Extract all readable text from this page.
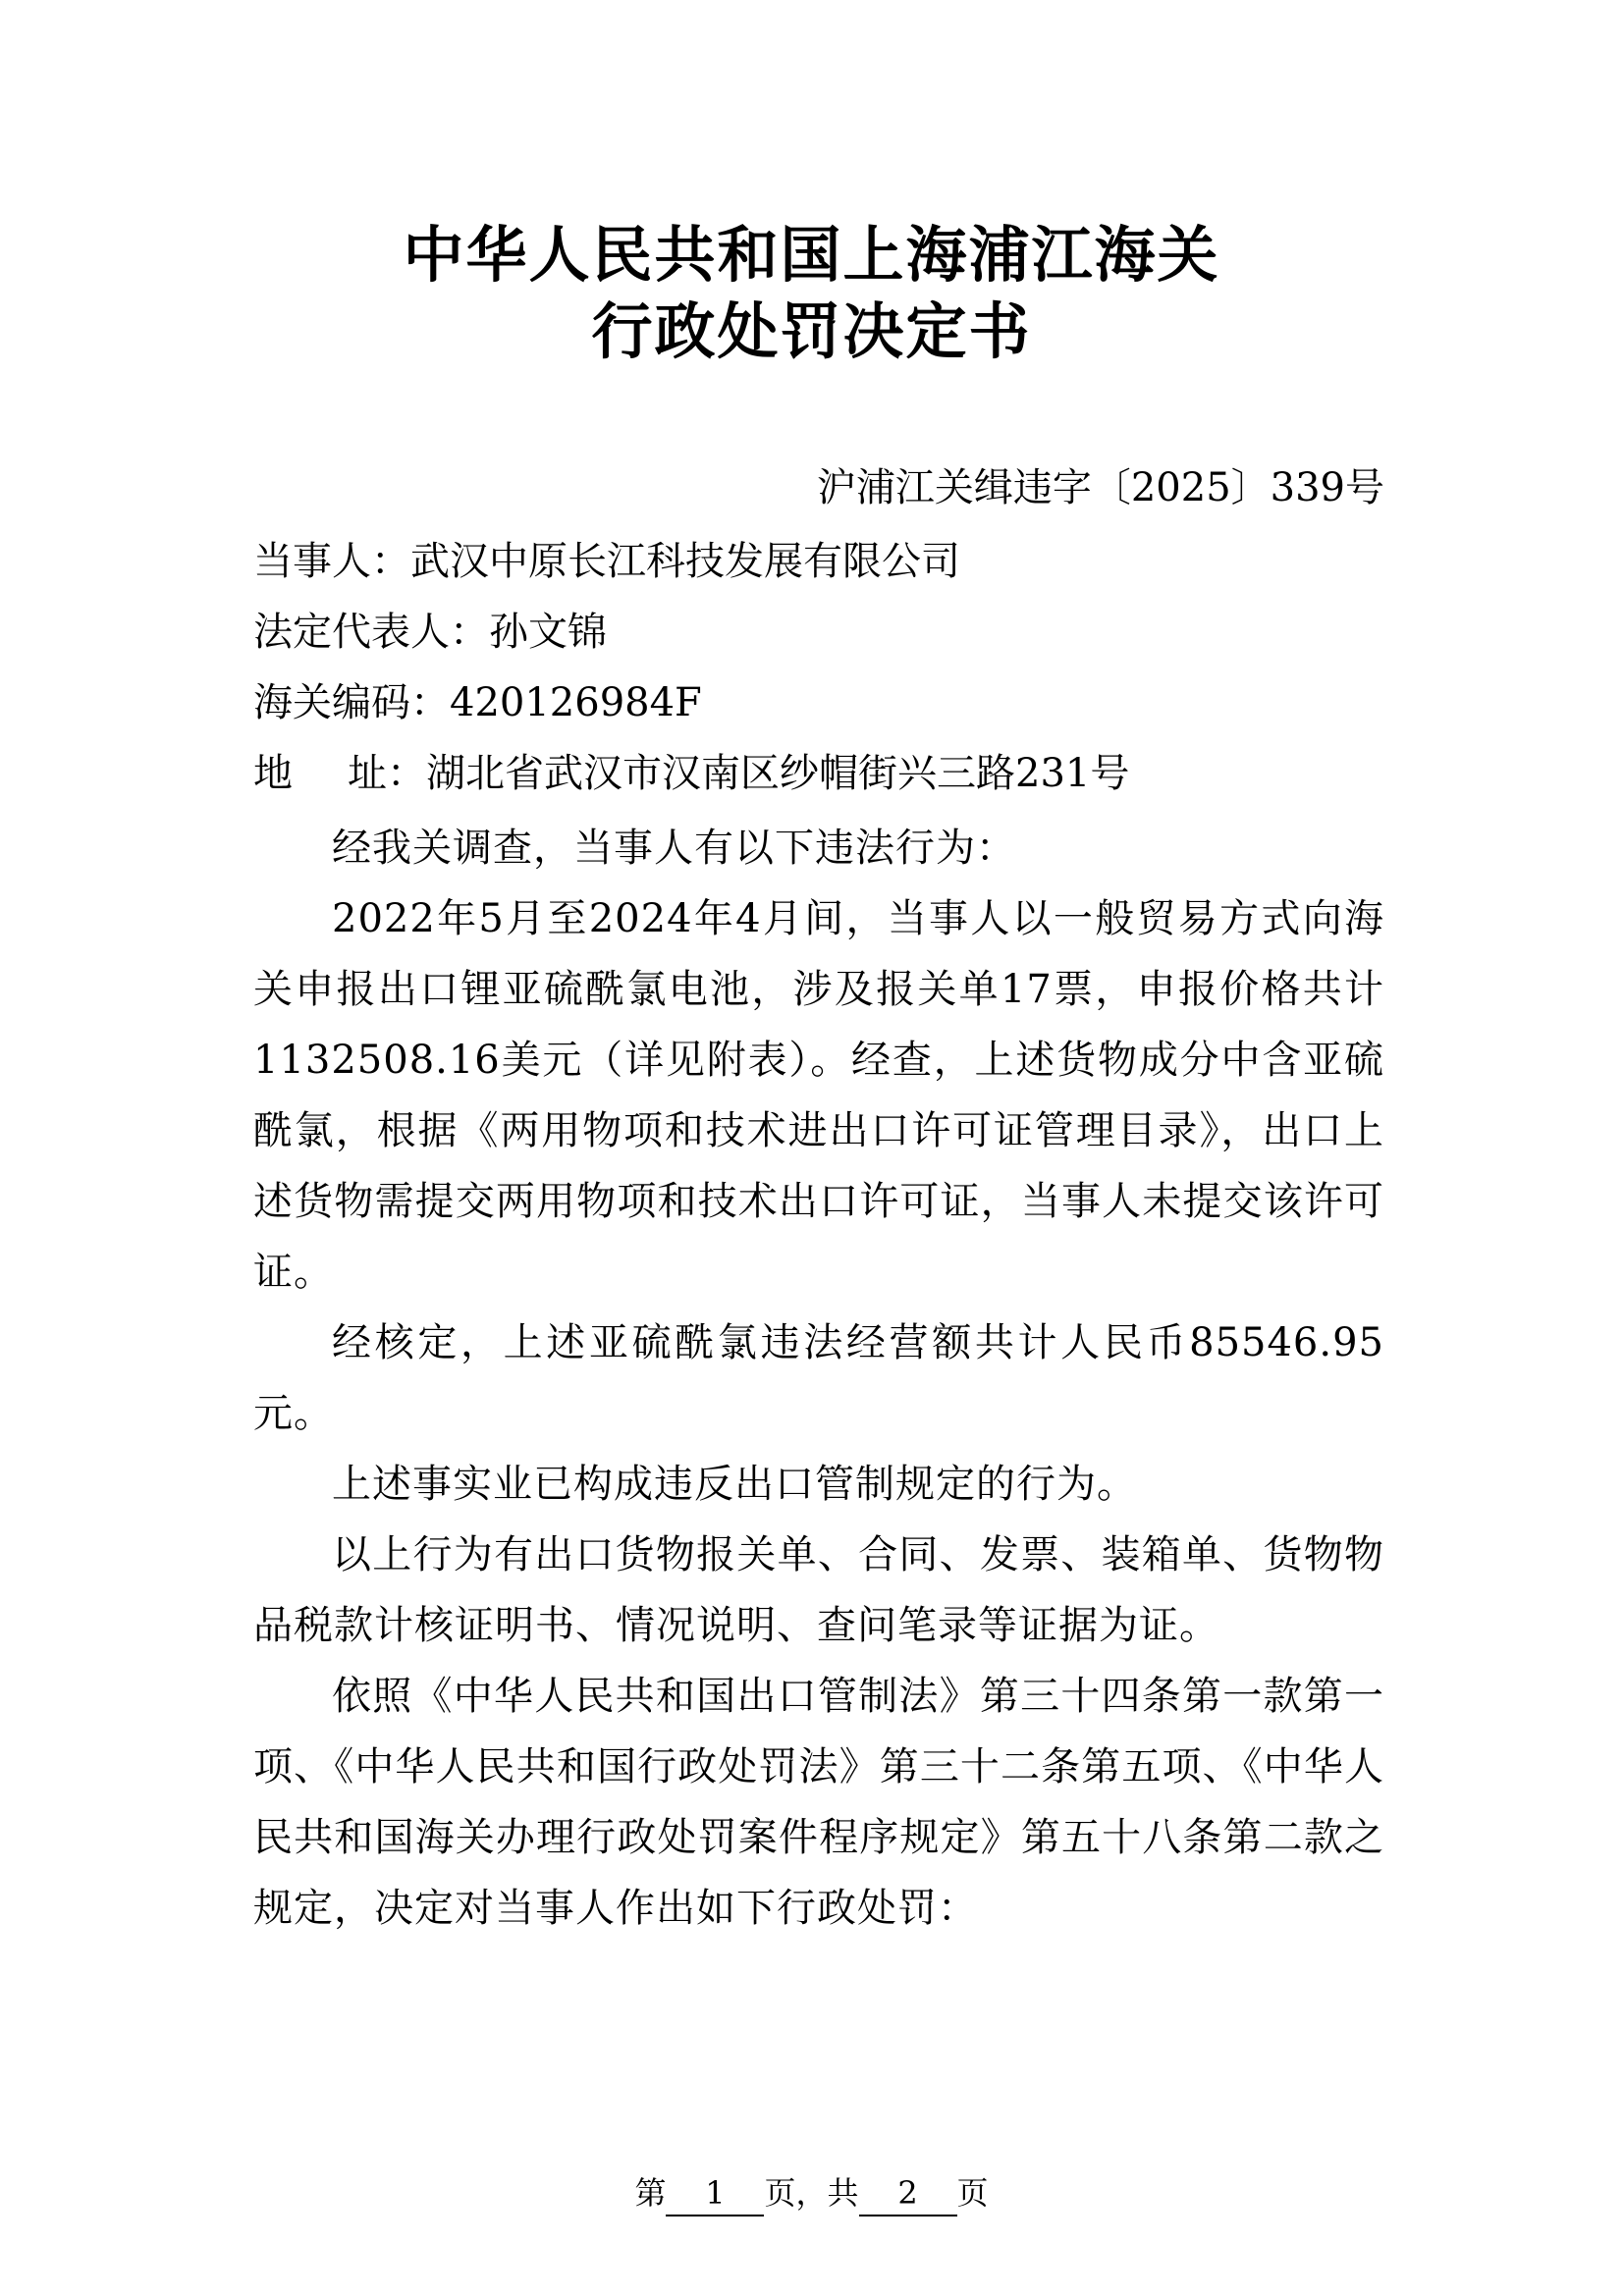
中华人民共和国上海浦江海关
行政处罚决定书
沪浦江关缉违字〔2025〕339号
当事人：武汉中原长江科技发展有限公司
法定代表人：孙文锦
海关编码：420126984F
地址：湖北省武汉市汉南区纱帽街兴三路231号

经我关调查，当事人有以下违法行为：

2022年5月至2024年4月间，当事人以一般贸易方式向海关申报出口锂亚硫酰氯电池，涉及报关单17票，申报价格共计1132508.16美元（详见附表）。经查，上述货物成分中含亚硫酰氯，根据《两用物项和技术进出口许可证管理目录》，出口上述货物需提交两用物项和技术出口许可证，当事人未提交该许可证。

经核定，上述亚硫酰氯违法经营额共计人民币85546.95元。

上述事实业已构成违反出口管制规定的行为。

以上行为有出口货物报关单、合同、发票、装箱单、货物物品税款计核证明书、情况说明、查问笔录等证据为证。

依照《中华人民共和国出口管制法》第三十四条第一款第一项、《中华人民共和国行政处罚法》第三十二条第五项、《中华人民共和国海关办理行政处罚案件程序规定》第五十八条第二款之规定，决定对当事人作出如下行政处罚：

第 1 页，共 2 页
